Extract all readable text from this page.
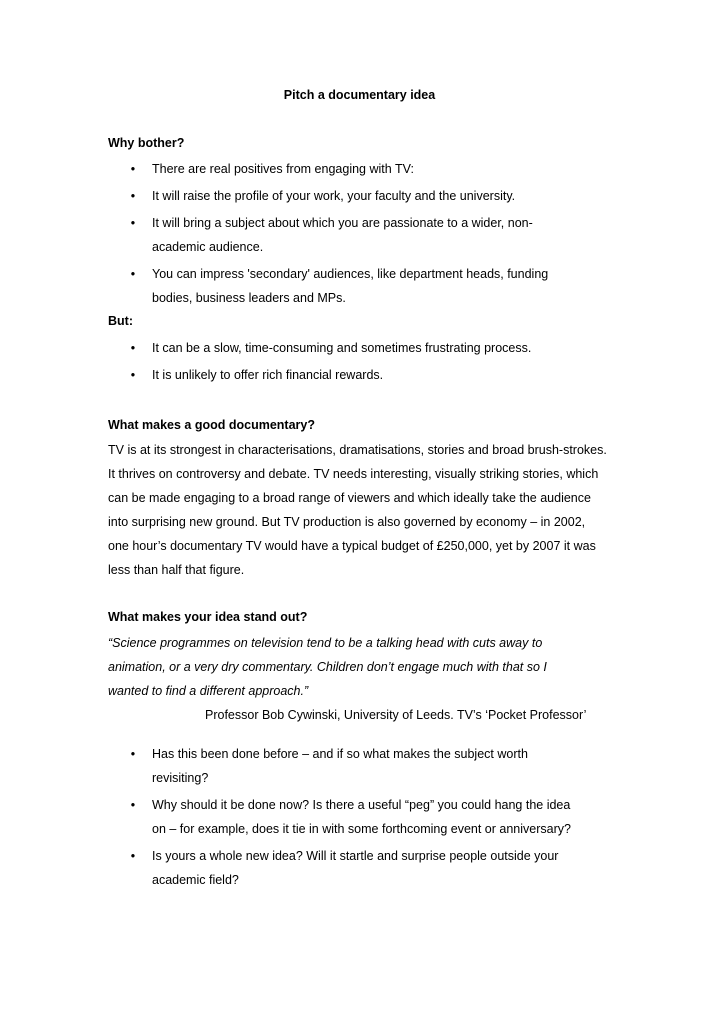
Pitch a documentary idea
Why bother?
• There are real positives from engaging with TV:
• It will raise the profile of your work, your faculty and the university.
• It will bring a subject about which you are passionate to a wider, non-academic audience.
• You can impress 'secondary' audiences, like department heads, funding bodies, business leaders and MPs.
But:
• It can be a slow, time-consuming and sometimes frustrating process.
• It is unlikely to offer rich financial rewards.
What makes a good documentary?
TV is at its strongest in characterisations, dramatisations, stories and broad brush-strokes. It thrives on controversy and debate. TV needs interesting, visually striking stories, which can be made engaging to a broad range of viewers and which ideally take the audience into surprising new ground. But TV production is also governed by economy – in 2002, one hour’s documentary TV would have a typical budget of £250,000, yet by 2007 it was less than half that figure.
What makes your idea stand out?
“Science programmes on television tend to be a talking head with cuts away to animation, or a very dry commentary. Children don’t engage much with that so I wanted to find a different approach.”
Professor Bob Cywinski, University of Leeds. TV’s ‘Pocket Professor’
• Has this been done before – and if so what makes the subject worth revisiting?
• Why should it be done now? Is there a useful “peg” you could hang the idea on – for example, does it tie in with some forthcoming event or anniversary?
• Is yours a whole new idea? Will it startle and surprise people outside your academic field?
